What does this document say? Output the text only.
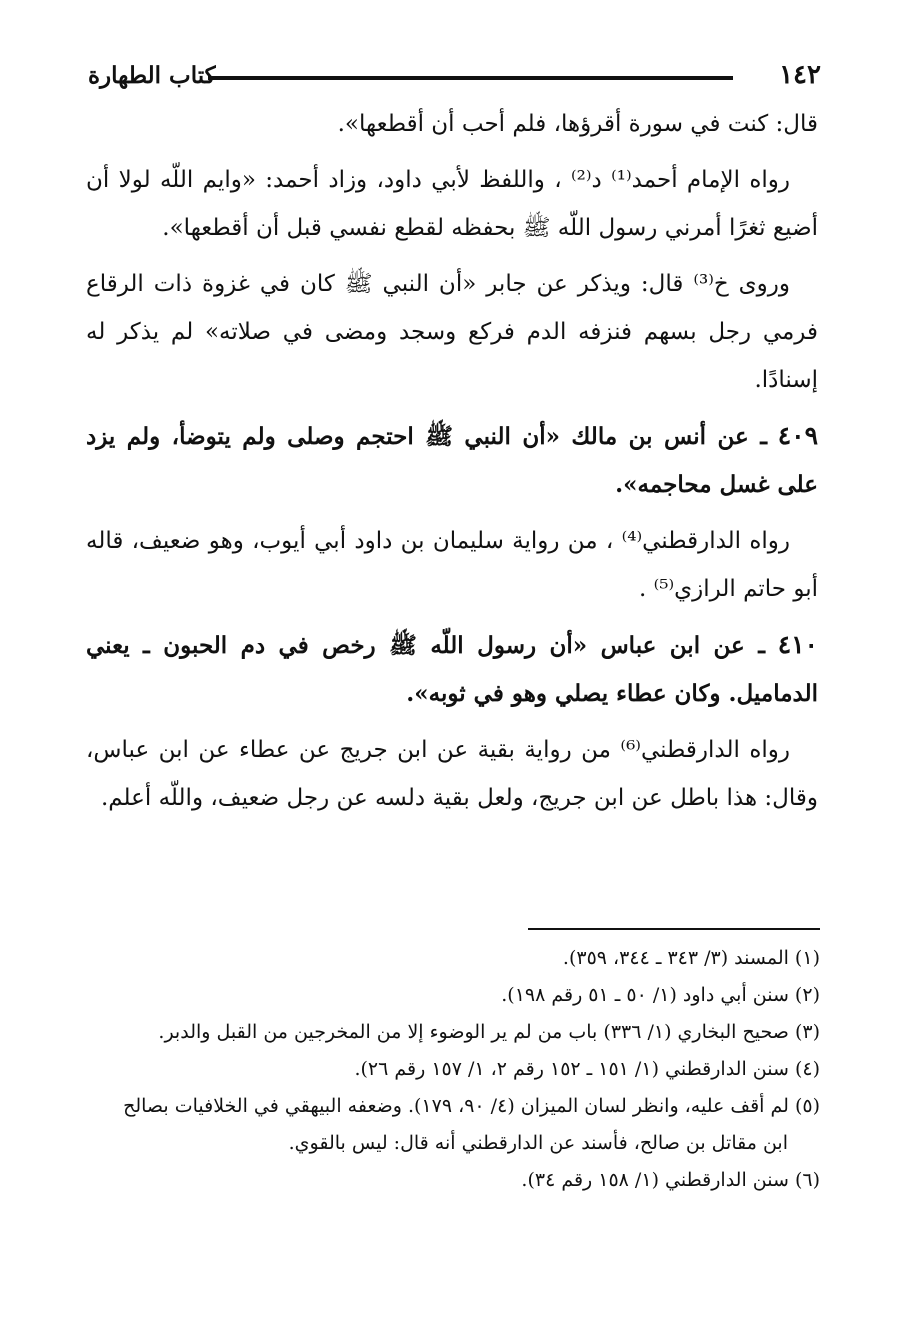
١٤٢
كتاب الطهارة

قال: كنت في سورة أقرؤها، فلم أحب أن أقطعها».

رواه الإمام أحمد⁽¹⁾ د⁽²⁾ ، واللفظ لأبي داود، وزاد أحمد: «وايم اللّه لولا أن أضيع ثغرًا أمرني رسول اللّه ﷺ بحفظه لقطع نفسي قبل أن أقطعها».

وروى خ⁽³⁾ قال: ويذكر عن جابر «أن النبي ﷺ كان في غزوة ذات الرقاع فرمي رجل بسهم فنزفه الدم فركع وسجد ومضى في صلاته» لم يذكر له إسنادًا.

٤٠٩ ـ عن أنس بن مالك «أن النبي ﷺ احتجم وصلى ولم يتوضأ، ولم يزد على غسل محاجمه».

رواه الدارقطني⁽⁴⁾ ، من رواية سليمان بن داود أبي أيوب، وهو ضعيف، قاله أبو حاتم الرازي⁽⁵⁾ .

٤١٠ ـ عن ابن عباس «أن رسول اللّه ﷺ رخص في دم الحبون ـ يعني الدماميل. وكان عطاء يصلي وهو في ثوبه».

رواه الدارقطني⁽⁶⁾ من رواية بقية عن ابن جريج عن عطاء عن ابن عباس، وقال: هذا باطل عن ابن جريج، ولعل بقية دلسه عن رجل ضعيف، واللّه أعلم.

(١) المسند (٣/ ٣٤٣ ـ ٣٤٤، ٣٥٩).

(٢) سنن أبي داود (١/ ٥٠ ـ ٥١ رقم ١٩٨).

(٣) صحيح البخاري (١/ ٣٣٦) باب من لم ير الوضوء إلا من المخرجين من القبل والدبر.

(٤) سنن الدارقطني (١/ ١٥١ ـ ١٥٢ رقم ٢، ١/ ١٥٧ رقم ٢٦).

(٥) لم أقف عليه، وانظر لسان الميزان (٤/ ٩٠، ١٧٩). وضعفه البيهقي في الخلافيات بصالح

ابن مقاتل بن صالح، فأسند عن الدارقطني أنه قال: ليس بالقوي.

(٦) سنن الدارقطني (١/ ١٥٨ رقم ٣٤).
